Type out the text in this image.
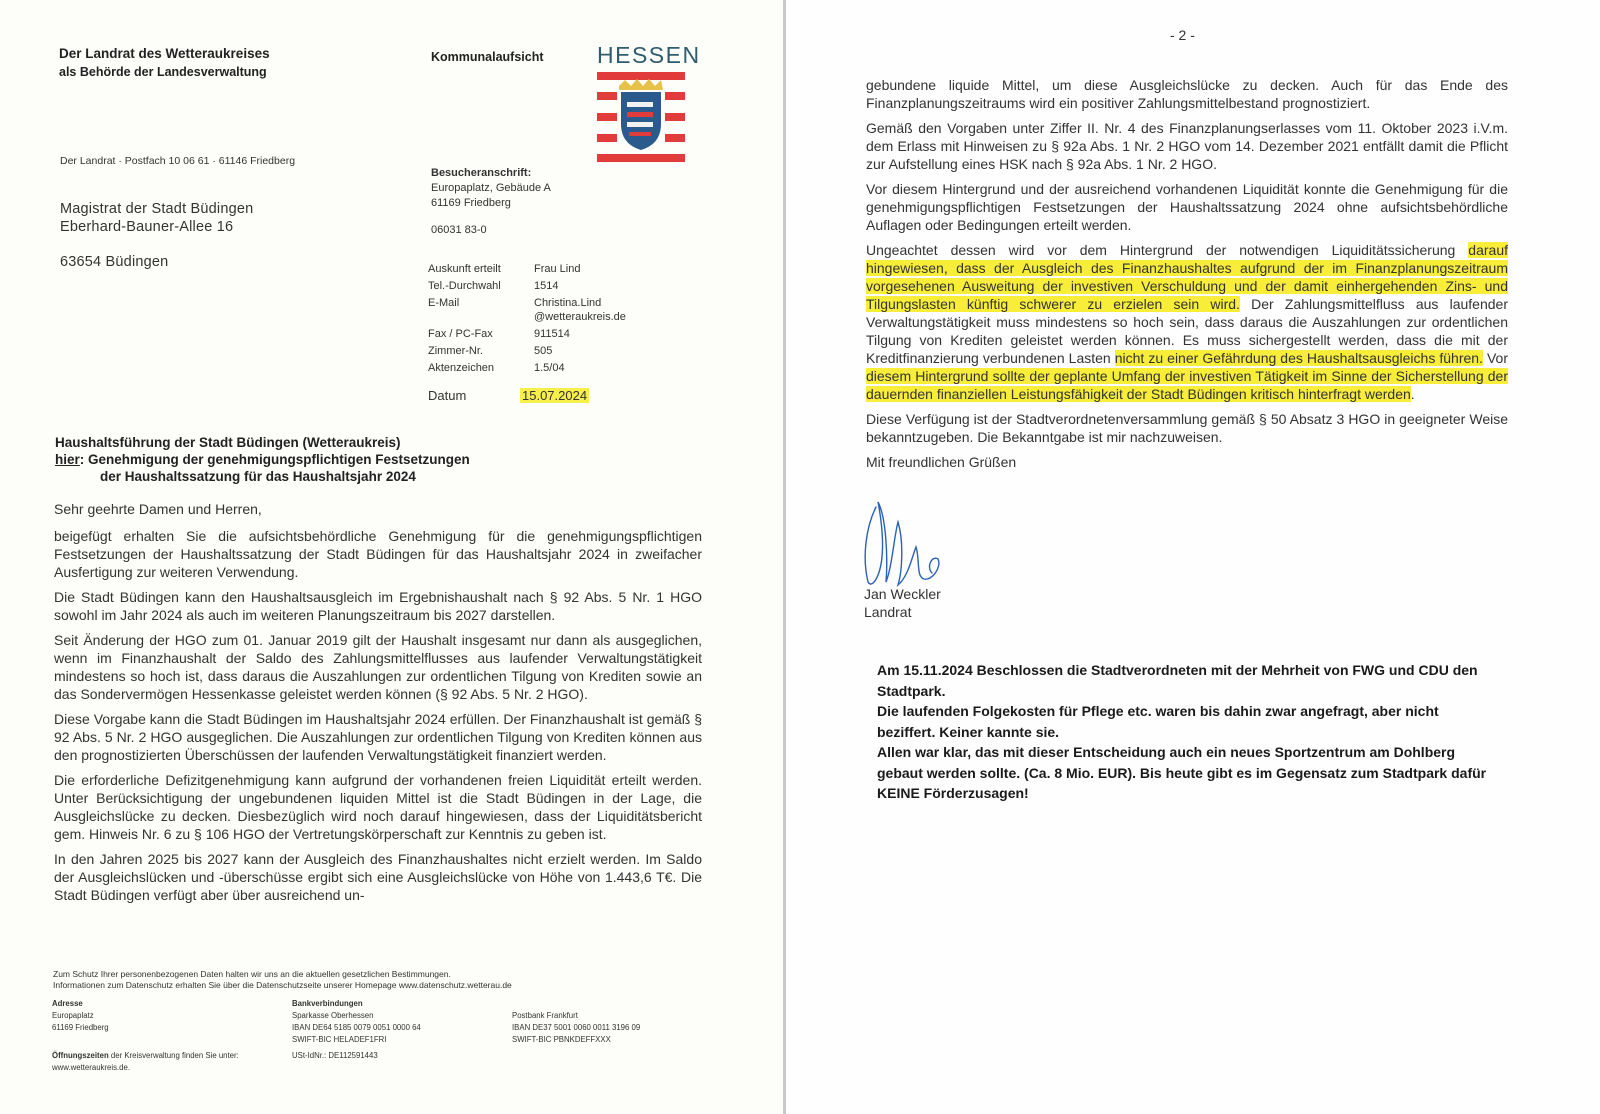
Der Landrat des Wetteraukreises
als Behörde der Landesverwaltung
Der Landrat · Postfach 10 06 61 · 61146 Friedberg
Magistrat der Stadt Büdingen
Eberhard-Bauner-Allee 16
63654 Büdingen
Kommunalaufsicht HESSEN
Besucheranschrift:
Europaplatz, Gebäude A
61169 Friedberg
06031 83-0
Auskunft erteilt	Frau Lind
Tel.-Durchwahl	1514
E-Mail	Christina.Lind
@wetteraukreis.de

Fax / PC-Fax	911514
Zimmer-Nr.	505
Aktenzeichen	1.5/04
Datum	15.07.2024
Haushaltsführung der Stadt Büdingen (Wetteraukreis)
hier: Genehmigung der genehmigungspflichtigen Festsetzungen
der Haushaltssatzung für das Haushaltsjahr 2024

Sehr geehrte Damen und Herren,

beigefügt erhalten Sie die aufsichtsbehördliche Genehmigung für die genehmigungspflichtigen Festsetzungen der Haushaltssatzung der Stadt Büdingen für das Haushaltsjahr 2024 in zweifacher Ausfertigung zur weiteren Verwendung.

Die Stadt Büdingen kann den Haushaltsausgleich im Ergebnishaushalt nach § 92 Abs. 5 Nr. 1 HGO sowohl im Jahr 2024 als auch im weiteren Planungszeitraum bis 2027 darstellen.

Seit Änderung der HGO zum 01. Januar 2019 gilt der Haushalt insgesamt nur dann als ausgeglichen, wenn im Finanzhaushalt der Saldo des Zahlungsmittelflusses aus laufender Verwaltungstätigkeit mindestens so hoch ist, dass daraus die Auszahlungen zur ordentlichen Tilgung von Krediten sowie an das Sondervermögen Hessenkasse geleistet werden können (§ 92 Abs. 5 Nr. 2 HGO).

Diese Vorgabe kann die Stadt Büdingen im Haushaltsjahr 2024 erfüllen. Der Finanzhaushalt ist gemäß § 92 Abs. 5 Nr. 2 HGO ausgeglichen. Die Auszahlungen zur ordentlichen Tilgung von Krediten können aus den prognostizierten Überschüssen der laufenden Verwaltungstätigkeit finanziert werden.

Die erforderliche Defizitgenehmigung kann aufgrund der vorhandenen freien Liquidität erteilt werden. Unter Berücksichtigung der ungebundenen liquiden Mittel ist die Stadt Büdingen in der Lage, die Ausgleichslücke zu decken. Diesbezüglich wird noch darauf hingewiesen, dass der Liquiditätsbericht gem. Hinweis Nr. 6 zu § 106 HGO der Vertretungskörperschaft zur Kenntnis zu geben ist.

In den Jahren 2025 bis 2027 kann der Ausgleich des Finanzhaushaltes nicht erzielt werden. Im Saldo der Ausgleichslücken und -überschüsse ergibt sich eine Ausgleichslücke von Höhe von 1.443,6 T€. Die Stadt Büdingen verfügt aber über ausreichend un-

Zum Schutz Ihrer personenbezogenen Daten halten wir uns an die aktuellen gesetzlichen Bestimmungen.
Informationen zum Datenschutz erhalten Sie über die Datenschutzseite unserer Homepage www.datenschutz.wetterau.de
Adresse
Europaplatz
61169 Friedberg
Bankverbindungen
Sparkasse Oberhessen
IBAN DE64 5185 0079 0051 0000 64
SWIFT-BIC HELADEF1FRI
Postbank Frankfurt
IBAN DE37 5001 0060 0011 3196 09
SWIFT-BIC PBNKDEFFXXX
Öffnungszeiten der Kreisverwaltung finden Sie unter:
www.wetteraukreis.de.
USt-IdNr.: DE112591443
- 2 -

gebundene liquide Mittel, um diese Ausgleichslücke zu decken. Auch für das Ende des Finanzplanungszeitraums wird ein positiver Zahlungsmittelbestand prognostiziert.

Gemäß den Vorgaben unter Ziffer II. Nr. 4 des Finanzplanungserlasses vom 11. Oktober 2023 i.V.m. dem Erlass mit Hinweisen zu § 92a Abs. 1 Nr. 2 HGO vom 14. Dezember 2021 entfällt damit die Pflicht zur Aufstellung eines HSK nach § 92a Abs. 1 Nr. 2 HGO.

Vor diesem Hintergrund und der ausreichend vorhandenen Liquidität konnte die Genehmigung für die genehmigungspflichtigen Festsetzungen der Haushaltssatzung 2024 ohne aufsichtsbehördliche Auflagen oder Bedingungen erteilt werden.

Ungeachtet dessen wird vor dem Hintergrund der notwendigen Liquiditätssicherung darauf hingewiesen, dass der Ausgleich des Finanzhaushaltes aufgrund der im Finanzplanungszeitraum vorgesehenen Ausweitung der investiven Verschuldung und der damit einhergehenden Zins- und Tilgungslasten künftig schwerer zu erzielen sein wird. Der Zahlungsmittelfluss aus laufender Verwaltungstätigkeit muss mindestens so hoch sein, dass daraus die Auszahlungen zur ordentlichen Tilgung von Krediten geleistet werden können. Es muss sichergestellt werden, dass die mit der Kreditfinanzierung verbundenen Lasten nicht zu einer Gefährdung des Haushaltsausgleichs führen. Vor diesem Hintergrund sollte der geplante Umfang der investiven Tätigkeit im Sinne der Sicherstellung der dauernden finanziellen Leistungsfähigkeit der Stadt Büdingen kritisch hinterfragt werden.

Diese Verfügung ist der Stadtverordnetenversammlung gemäß § 50 Absatz 3 HGO in geeigneter Weise bekanntzugeben. Die Bekanntgabe ist mir nachzuweisen.

Mit freundlichen Grüßen

Jan Weckler
Landrat
Am 15.11.2024 Beschlossen die Stadtverordneten mit der Mehrheit von FWG und CDU den Stadtpark.
Die laufenden Folgekosten für Pflege etc. waren bis dahin zwar angefragt, aber nicht beziffert. Keiner kannte sie.
Allen war klar, das mit dieser Entscheidung auch ein neues Sportzentrum am Dohlberg gebaut werden sollte. (Ca. 8 Mio. EUR). Bis heute gibt es im Gegensatz zum Stadtpark dafür KEINE Förderzusagen!
